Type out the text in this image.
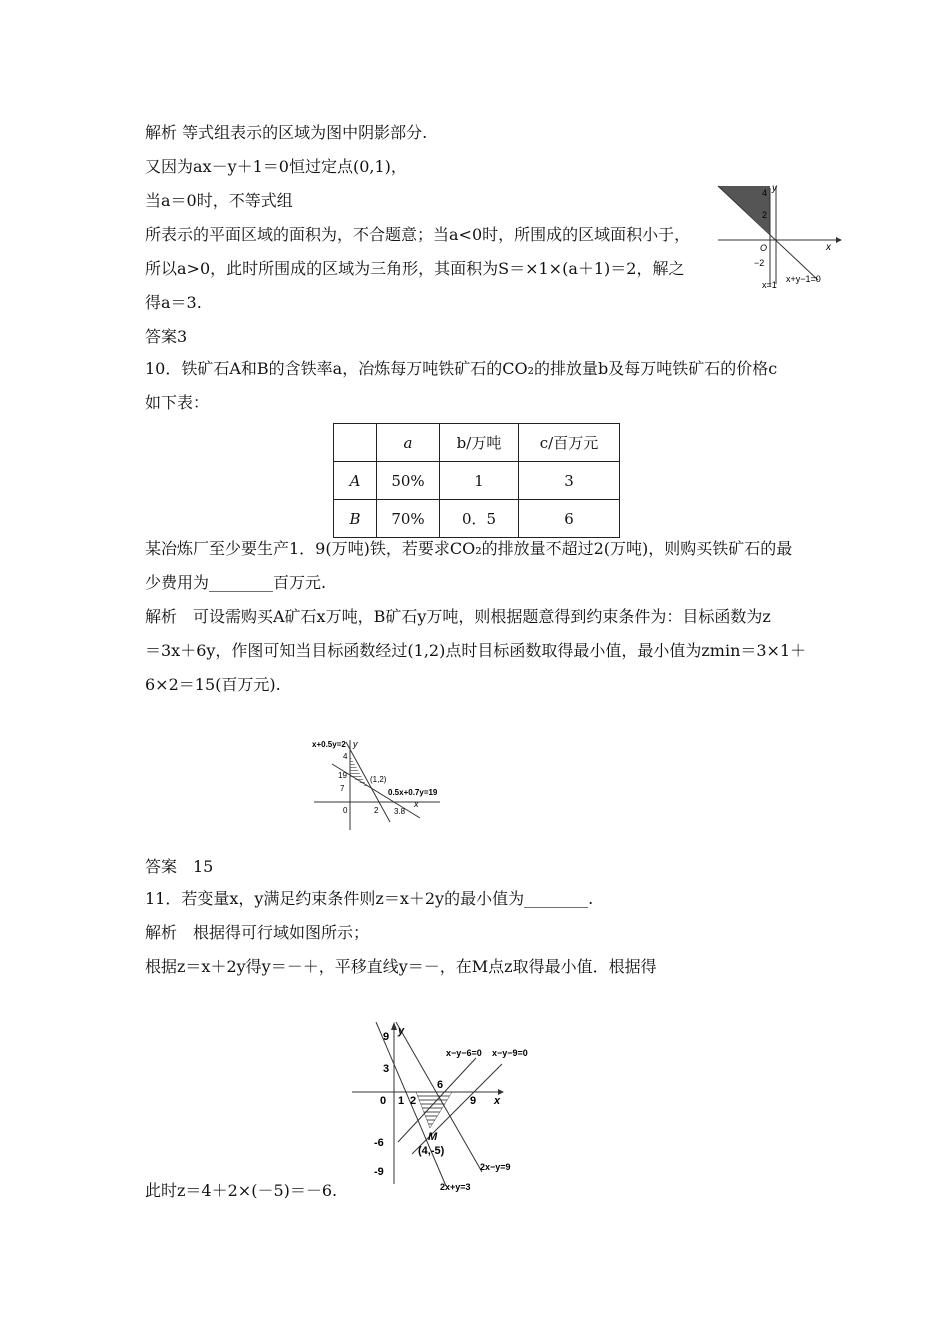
解析 等式组表示的区域为图中阴影部分.
又因为ax－y＋1＝0恒过定点(0,1)，
当a＝0时，不等式组
所表示的平面区域的面积为，不合题意；当a<0时，所围成的区域面积小于，
所以a>0，此时所围成的区域为三角形，其面积为S＝×1×(a＋1)＝2，解之
得a＝3.
答案3
y
x
4
2
O
−2
x=1
x+y−1=0
10．铁矿石A和B的含铁率a，冶炼每万吨铁矿石的CO₂的排放量b及每万吨铁矿石的价格c
如下表：
	a	b/万吨	c/百万元
A	50%	1	3
B	70%	0．5	6
某冶炼厂至少要生产1．9(万吨)铁，若要求CO₂的排放量不超过2(万吨)，则购买铁矿石的最
少费用为________百万元.
解析　可设需购买A矿石x万吨，B矿石y万吨，则根据题意得到约束条件为：目标函数为z
＝3x＋6y，作图可知当目标函数经过(1,2)点时目标函数取得最小值，最小值为zmin＝3×1＋
6×2＝15(百万元).
x+0.5y=2 y
4
19
7
(1,2)
0.5x+0.7y=19
0	2 3.8
x
答案　15
11．若变量x，y满足约束条件则z＝x＋2y的最小值为________.
解析　根据得可行域如图所示；
根据z＝x＋2y得y＝－＋，平移直线y＝－，在M点z取得最小值．根据得
此时z＝4＋2×(－5)＝－6.
y
x
9
3
0 1 2
6
9
-6
-9
M
(4,-5)
x−y−6=0 x−y−9=0
2x−y=9
2x+y=3
